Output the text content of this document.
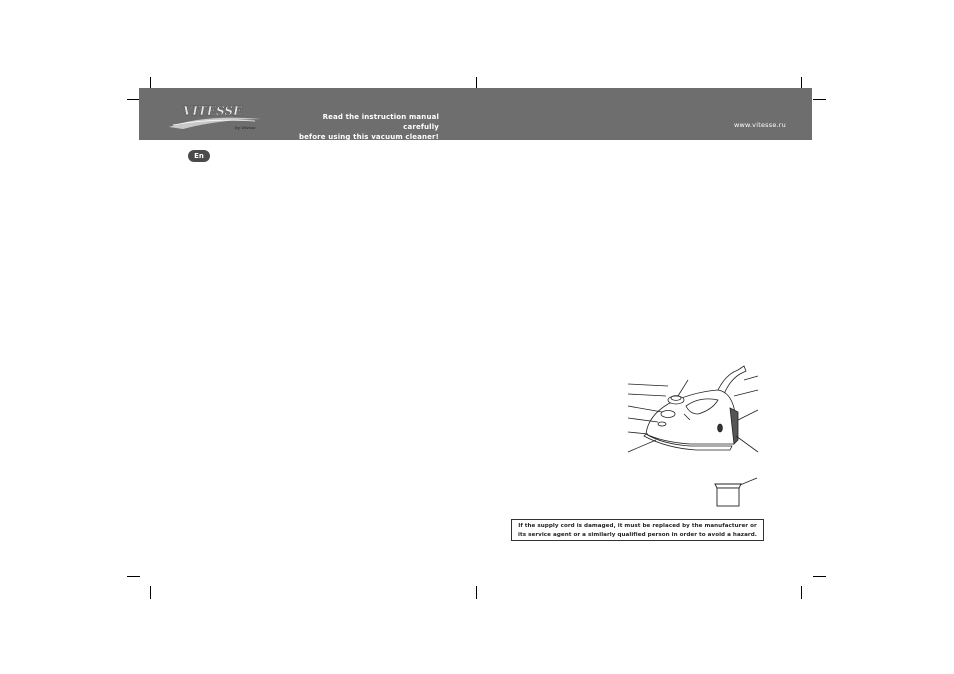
VITESSE
by Vitesse
Read the instruction manual carefully
before using this vacuum cleaner!
www.vitesse.ru
En
If the supply cord is damaged, it must be replaced by the manufacturer or
its service agent or a similarly qualified person in order to avoid a hazard.
